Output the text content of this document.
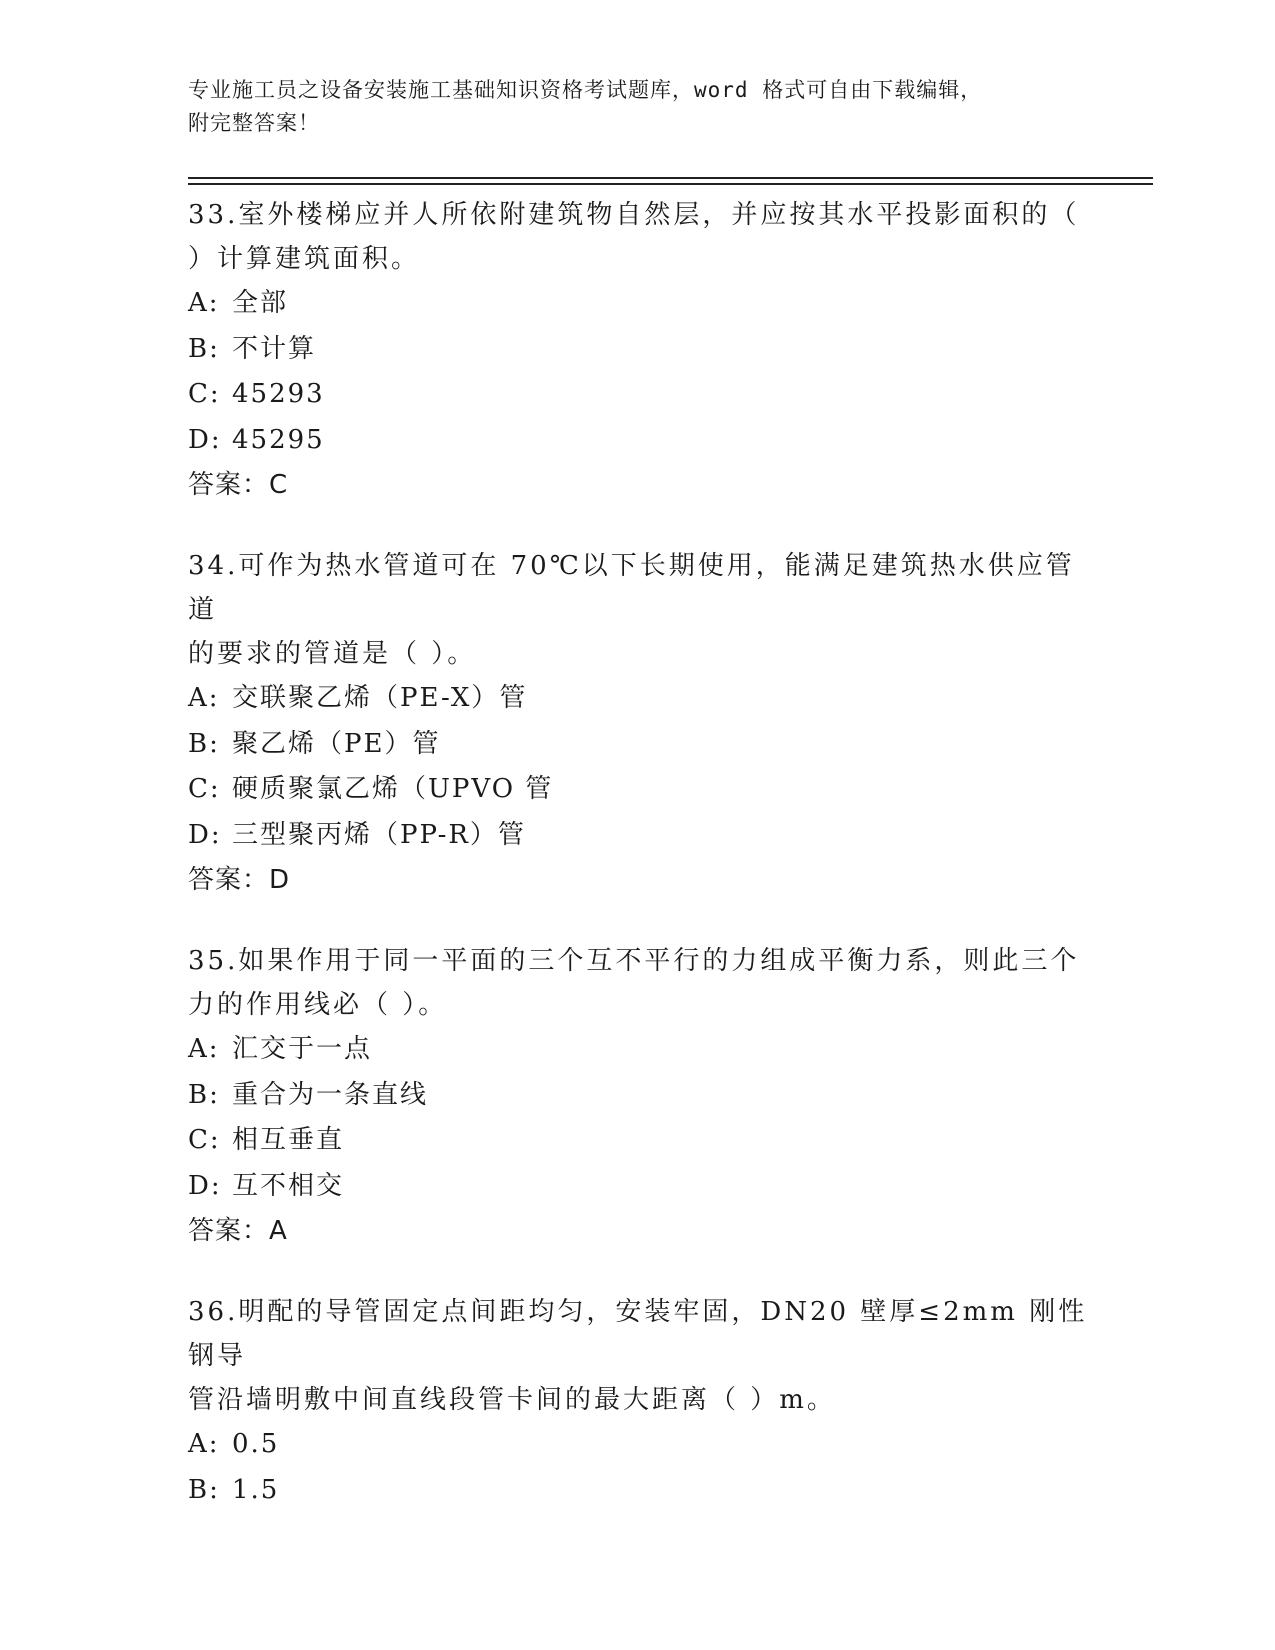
专业施工员之设备安装施工基础知识资格考试题库，word 格式可自由下载编辑，
附完整答案！
33.室外楼梯应并人所依附建筑物自然层，并应按其水平投影面积的（
）计算建筑面积。
A: 全部
B: 不计算
C: 45293
D: 45295
答案：C
34.可作为热水管道可在 70℃以下长期使用，能满足建筑热水供应管道
的要求的管道是（ ）。
A: 交联聚乙烯（PE-X）管
B: 聚乙烯（PE）管
C: 硬质聚氯乙烯（UPVO 管
D: 三型聚丙烯（PP-R）管
答案：D
35.如果作用于同一平面的三个互不平行的力组成平衡力系，则此三个
力的作用线必（ ）。
A: 汇交于一点
B: 重合为一条直线
C: 相互垂直
D: 互不相交
答案：A
36.明配的导管固定点间距均匀，安装牢固，DN20 壁厚≤2mm 刚性钢导
管沿墙明敷中间直线段管卡间的最大距离（ ）m。
A: 0.5
B: 1.5
